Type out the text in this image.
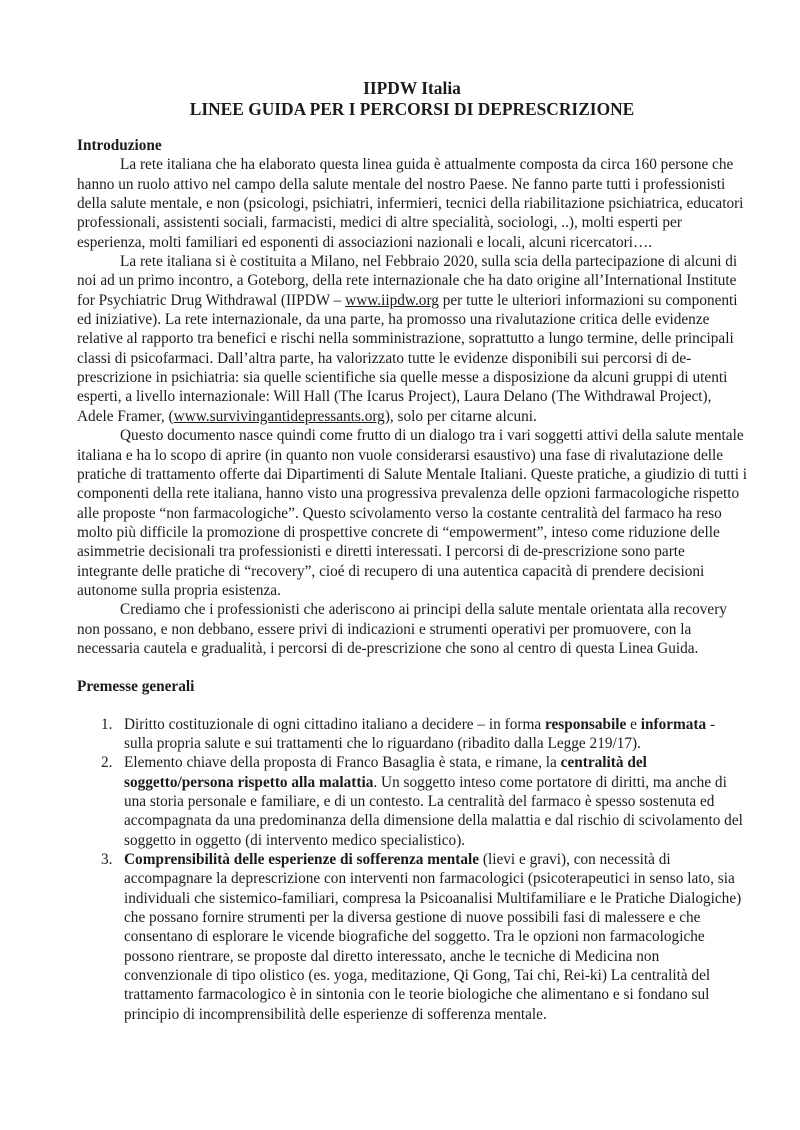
IIPDW Italia
LINEE GUIDA PER I PERCORSI DI DEPRESCRIZIONE
Introduzione

La rete italiana che ha elaborato questa linea guida è attualmente composta da circa 160 persone che hanno un ruolo attivo nel campo della salute mentale del nostro Paese. Ne fanno parte tutti i professionisti della salute mentale, e non (psicologi, psichiatri, infermieri, tecnici della riabilitazione psichiatrica, educatori professionali, assistenti sociali, farmacisti, medici di altre specialità, sociologi, ..), molti esperti per esperienza, molti familiari ed esponenti di associazioni nazionali e locali, alcuni ricercatori….

La rete italiana si è costituita a Milano, nel Febbraio 2020, sulla scia della partecipazione di alcuni di noi ad un primo incontro, a Goteborg, della rete internazionale che ha dato origine all’International Institute for Psychiatric Drug Withdrawal (IIPDW – www.iipdw.org per tutte le ulteriori informazioni su componenti ed iniziative). La rete internazionale, da una parte, ha promosso una rivalutazione critica delle evidenze relative al rapporto tra benefici e rischi nella somministrazione, soprattutto a lungo termine, delle principali classi di psicofarmaci. Dall’altra parte, ha valorizzato tutte le evidenze disponibili sui percorsi di de-prescrizione in psichiatria: sia quelle scientifiche sia quelle messe a disposizione da alcuni gruppi di utenti esperti, a livello internazionale: Will Hall (The Icarus Project), Laura Delano (The Withdrawal Project), Adele Framer, (www.survivingantidepressants.org), solo per citarne alcuni.

Questo documento nasce quindi come frutto di un dialogo tra i vari soggetti attivi della salute mentale italiana e ha lo scopo di aprire (in quanto non vuole considerarsi esaustivo) una fase di rivalutazione delle pratiche di trattamento offerte dai Dipartimenti di Salute Mentale Italiani. Queste pratiche, a giudizio di tutti i componenti della rete italiana, hanno visto una progressiva prevalenza delle opzioni farmacologiche rispetto alle proposte “non farmacologiche”. Questo scivolamento verso la costante centralità del farmaco ha reso molto più difficile la promozione di prospettive concrete di “empowerment”, inteso come riduzione delle asimmetrie decisionali tra professionisti e diretti interessati. I percorsi di de-prescrizione sono parte integrante delle pratiche di “recovery”, cioé di recupero di una autentica capacità di prendere decisioni autonome sulla propria esistenza.

Crediamo che i professionisti che aderiscono ai principi della salute mentale orientata alla recovery non possano, e non debbano, essere privi di indicazioni e strumenti operativi per promuovere, con la necessaria cautela e gradualità, i percorsi di de-prescrizione che sono al centro di questa Linea Guida.

Premesse generali
1. Diritto costituzionale di ogni cittadino italiano a decidere – in forma responsabile e informata - sulla propria salute e sui trattamenti che lo riguardano (ribadito dalla Legge 219/17).
2. Elemento chiave della proposta di Franco Basaglia è stata, e rimane, la centralità del soggetto/persona rispetto alla malattia. Un soggetto inteso come portatore di diritti, ma anche di una storia personale e familiare, e di un contesto. La centralità del farmaco è spesso sostenuta ed accompagnata da una predominanza della dimensione della malattia e dal rischio di scivolamento del soggetto in oggetto (di intervento medico specialistico).
3. Comprensibilità delle esperienze di sofferenza mentale (lievi e gravi), con necessità di accompagnare la deprescrizione con interventi non farmacologici (psicoterapeutici in senso lato, sia individuali che sistemico-familiari, compresa la Psicoanalisi Multifamiliare e le Pratiche Dialogiche) che possano fornire strumenti per la diversa gestione di nuove possibili fasi di malessere e che consentano di esplorare le vicende biografiche del soggetto. Tra le opzioni non farmacologiche possono rientrare, se proposte dal diretto interessato, anche le tecniche di Medicina non convenzionale di tipo olistico (es. yoga, meditazione, Qi Gong, Tai chi, Rei-ki) La centralità del trattamento farmacologico è in sintonia con le teorie biologiche che alimentano e si fondano sul principio di incomprensibilità delle esperienze di sofferenza mentale.
